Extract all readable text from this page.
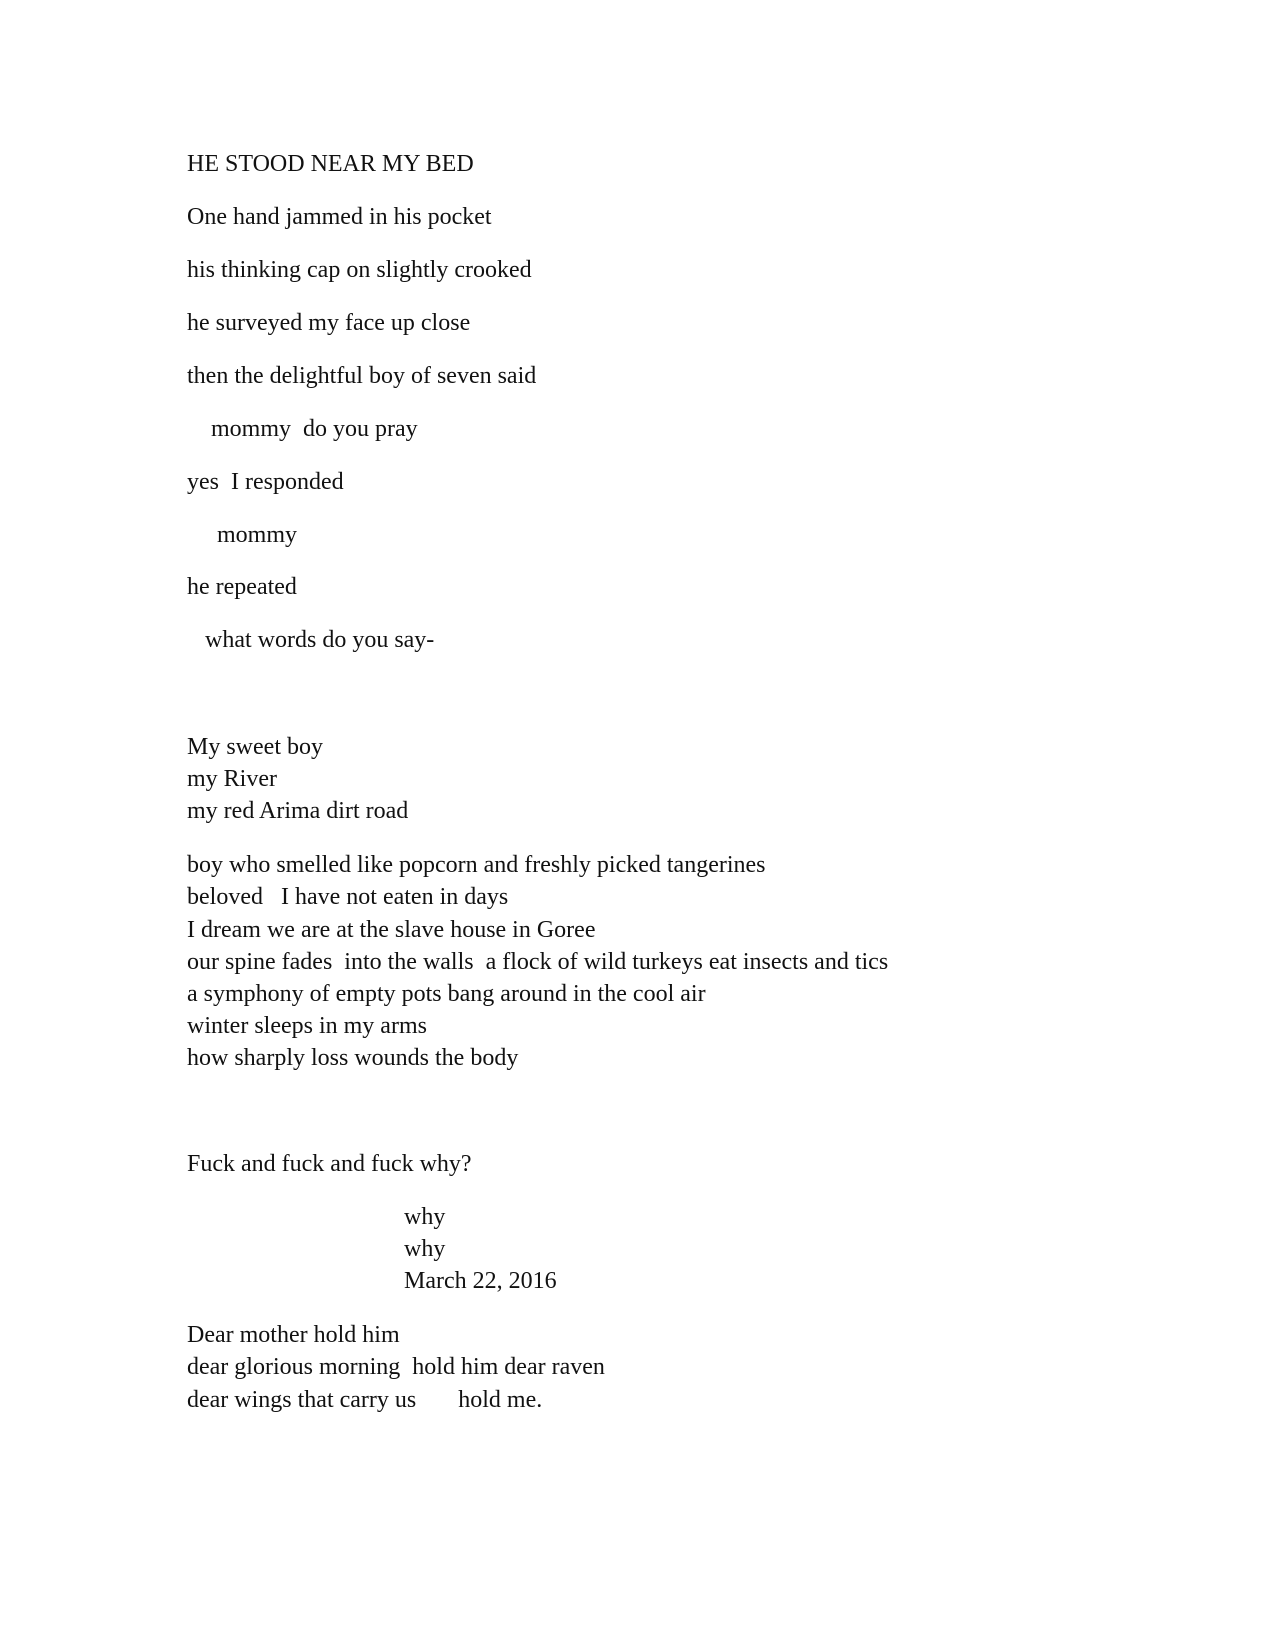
HE STOOD NEAR MY BED

One hand jammed in his pocket

his thinking cap on slightly crooked

he surveyed my face up close

then the delightful boy of seven said

mommy  do you pray

yes  I responded

mommy

he repeated

what words do you say-

My sweet boy

my River

my red Arima dirt road

boy who smelled like popcorn and freshly picked tangerines

beloved   I have not eaten in days

I dream we are at the slave house in Goree

our spine fades  into the walls  a flock of wild turkeys eat insects and tics

a symphony of empty pots bang around in the cool air

winter sleeps in my arms

how sharply loss wounds the body

Fuck and fuck and fuck why?

why

why

March 22, 2016

Dear mother hold him

dear glorious morning  hold him dear raven

dear wings that carry us       hold me.
